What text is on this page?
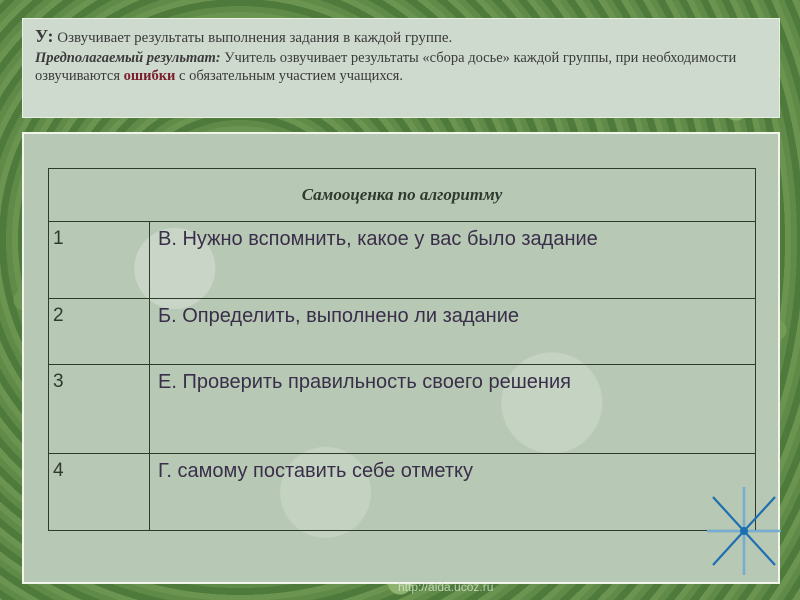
У: Озвучивает результаты выполнения задания в каждой группе.
Предполагаемый результат: Учитель озвучивает результаты «сбора досье» каждой группы, при необходимости озвучиваются ошибки с обязательным участием учащихся.
Самооценка по алгоритму	
1	В. Нужно вспомнить, какое у вас было задание
2	Б. Определить, выполнено ли задание
3	Е. Проверить правильность своего решения
4	Г. самому поставить себе отметку
http://aida.ucoz.ru
